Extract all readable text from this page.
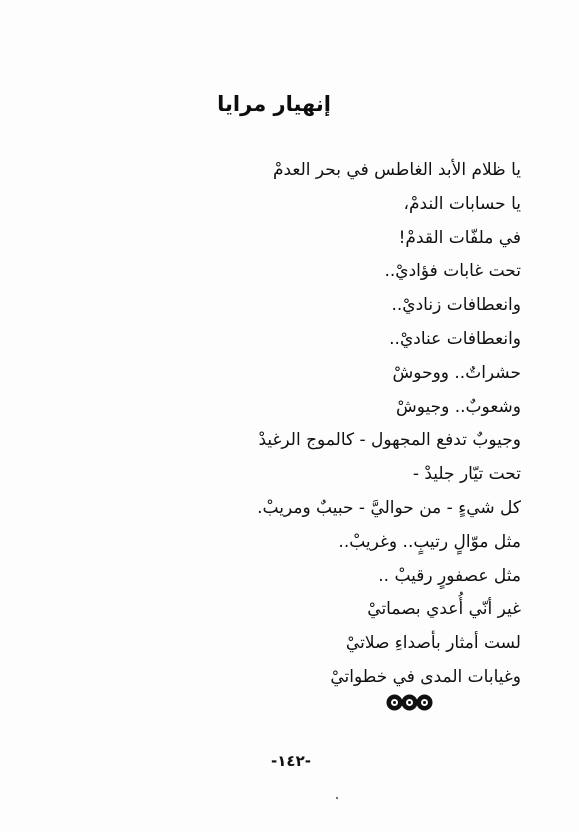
إنهيار مرايا
يا ظلام الأبد الغاطس في بحر العدمْ
يا حسابات الندمْ،
في ملفّات القدمْ!
تحت غابات فؤاديْ..
وانعطافات زناديْ..
وانعطافات عناديْ..
حشراتٌ.. ووحوشْ
وشعوبٌ.. وجيوشْ
وجيوبٌ تدفع المجهول - كالموج الرغيدْ
تحت تيّار جليدْ -
كل شيءٍ - من حواليَّ - حبيبٌ ومريبْ.
مثل موّالٍ رتيبٍ.. وغريبْ..
مثل عصفورٍ رقيبْ ..
غير أنّي أُعدي بصماتيْ
لست أمثار بأصداءِ صلاتيْ
وغيابات المدى في خطواتيْ
-١٤٢-
